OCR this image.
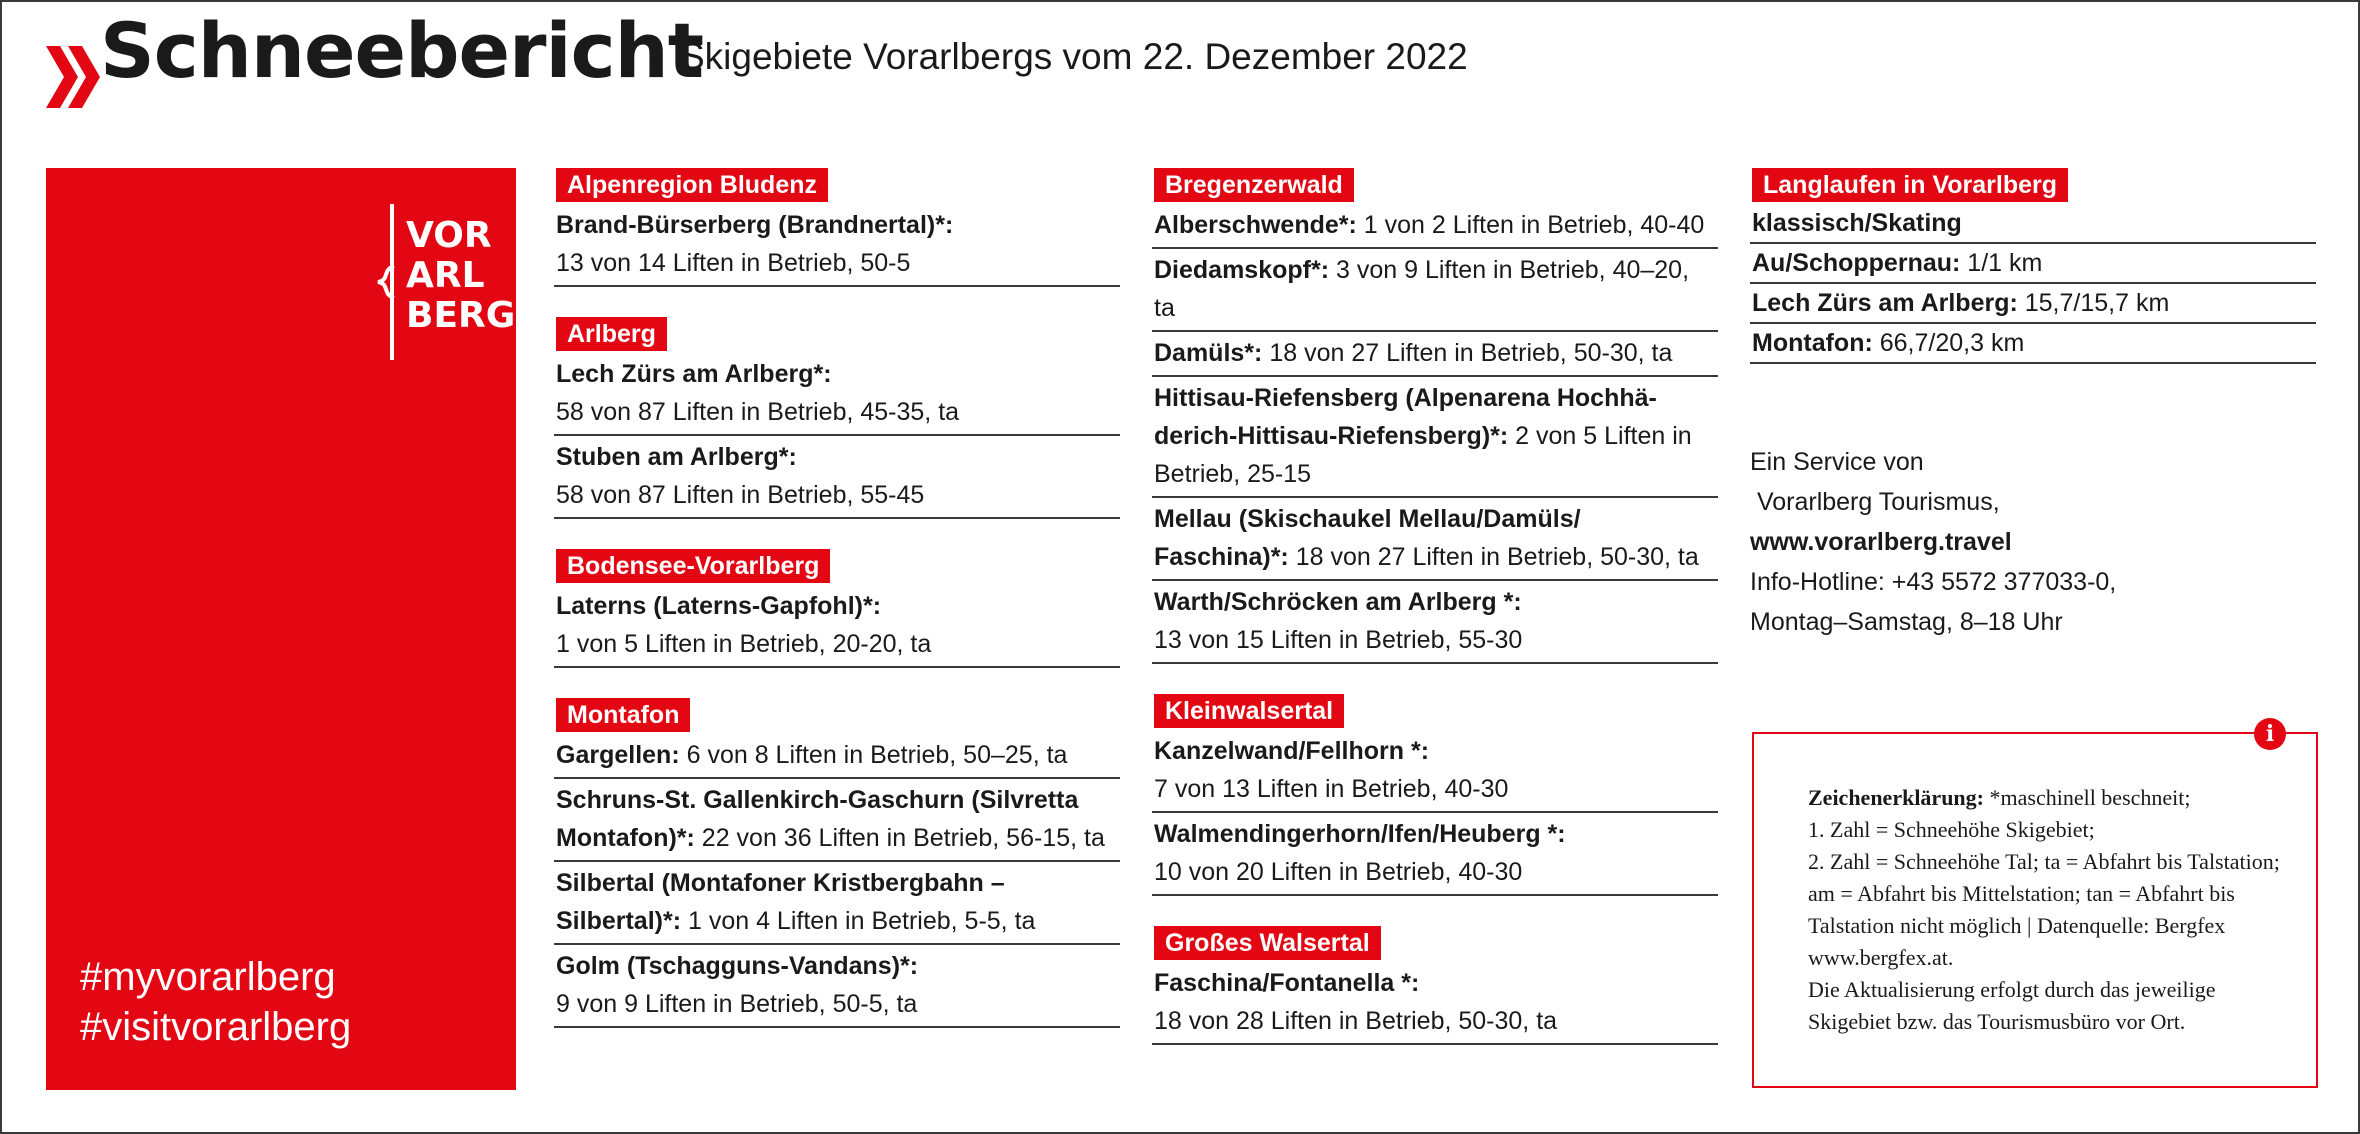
Schneebericht
Skigebiete Vorarlbergs vom 22. Dezember 2022
VOR
ARL
BERG
#myvorarlberg
#visitvorarlberg
Alpenregion Bludenz
Brand-Bürserberg (Brandnertal)*:
13 von 14 Liften in Betrieb, 50-5
Arlberg
Lech Zürs am Arlberg*:
58 von 87 Liften in Betrieb, 45-35, ta
Stuben am Arlberg*:
58 von 87 Liften in Betrieb, 55-45
Bodensee-Vorarlberg
Laterns (Laterns-Gapfohl)*:
1 von 5 Liften in Betrieb, 20-20, ta
Montafon
Gargellen: 6 von 8 Liften in Betrieb, 50–25, ta
Schruns-St. Gallenkirch-Gaschurn (Silvretta Montafon)*: 22 von 36 Liften in Betrieb, 56-15, ta
Silbertal (Montafoner Kristbergbahn – Silbertal)*: 1 von 4 Liften in Betrieb, 5-5, ta
Golm (Tschagguns-Vandans)*:
9 von 9 Liften in Betrieb, 50-5, ta
Bregenzerwald
Alberschwende*: 1 von 2 Liften in Betrieb, 40-40
Diedamskopf*: 3 von 9 Liften in Betrieb, 40–20, ta
Damüls*: 18 von 27 Liften in Betrieb, 50-30, ta
Hittisau-Riefensberg (Alpenarena Hochhäderich-Hittisau-Riefensberg)*: 2 von 5 Liften in Betrieb, 25-15
Mellau (Skischaukel Mellau/Damüls/ Faschina)*: 18 von 27 Liften in Betrieb, 50-30, ta
Warth/Schröcken am Arlberg *:
13 von 15 Liften in Betrieb, 55-30
Kleinwalsertal
Kanzelwand/Fellhorn *:
7 von 13 Liften in Betrieb, 40-30
Walmendingerhorn/Ifen/Heuberg *:
10 von 20 Liften in Betrieb, 40-30
Großes Walsertal
Faschina/Fontanella *:
18 von 28 Liften in Betrieb, 50-30, ta
Langlaufen in Vorarlberg
klassisch/Skating
Au/Schoppernau: 1/1 km
Lech Zürs am Arlberg: 15,7/15,7 km
Montafon: 66,7/20,3 km
Ein Service von
Vorarlberg Tourismus,
www.vorarlberg.travel
Info-Hotline: +43 5572 377033-0,
Montag–Samstag, 8–18 Uhr
i
Zeichenerklärung: *maschinell beschneit;
1. Zahl = Schneehöhe Skigebiet;
2. Zahl = Schneehöhe Tal; ta = Abfahrt bis Talstation; am = Abfahrt bis Mittelstation; tan = Abfahrt bis Talstation nicht möglich | Datenquelle: Bergfex www.bergfex.at.
Die Aktualisierung erfolgt durch das jeweilige Skigebiet bzw. das Tourismusbüro vor Ort.
